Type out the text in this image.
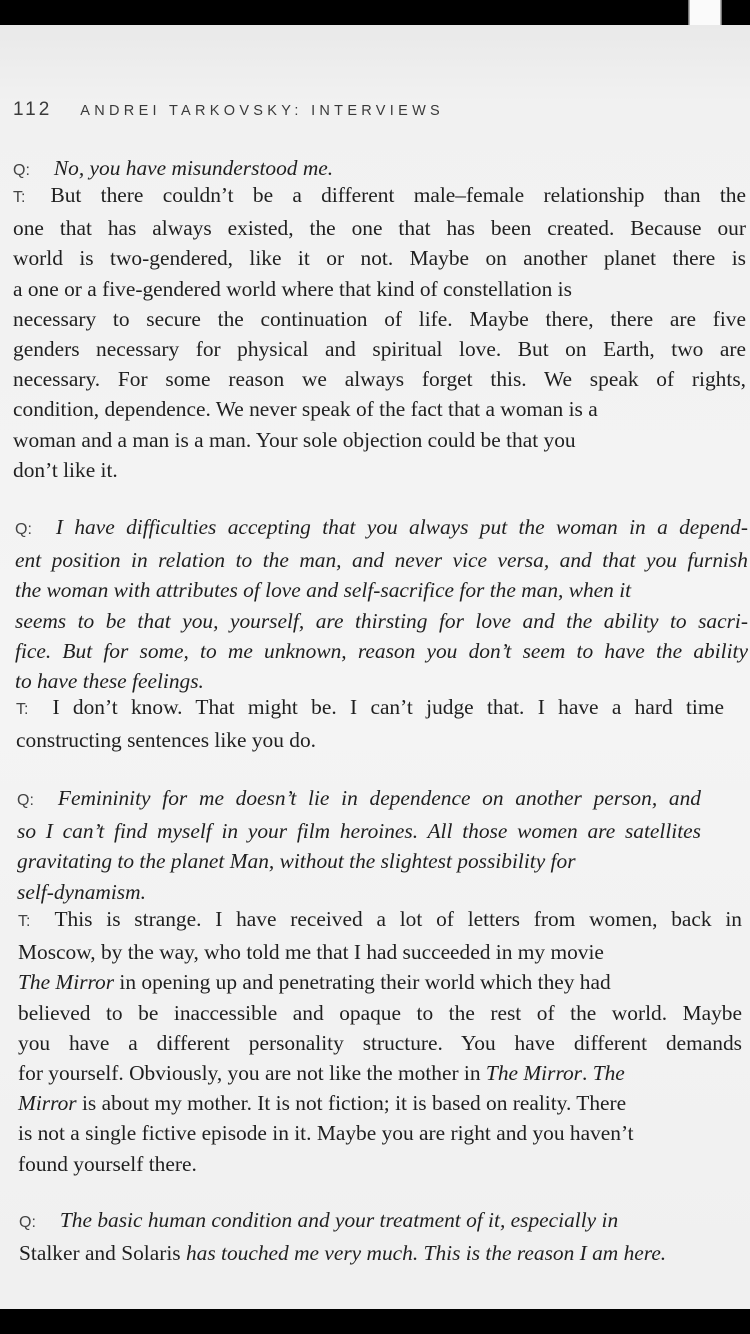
112 ANDREI TARKOVSKY: INTERVIEWS
Q: No, you have misunderstood me.
T: But there couldn’t be a different male–female relationship than the
one that has always existed, the one that has been created. Because our
world is two-gendered, like it or not. Maybe on another planet there is
a one or a five-gendered world where that kind of constellation is
necessary to secure the continuation of life. Maybe there, there are five
genders necessary for physical and spiritual love. But on Earth, two are
necessary. For some reason we always forget this. We speak of rights,
condition, dependence. We never speak of the fact that a woman is a
woman and a man is a man. Your sole objection could be that you
don’t like it.
Q: I have difficulties accepting that you always put the woman in a depend-
ent position in relation to the man, and never vice versa, and that you furnish
the woman with attributes of love and self-sacrifice for the man, when it
seems to be that you, yourself, are thirsting for love and the ability to sacri-
fice. But for some, to me unknown, reason you don’t seem to have the ability
to have these feelings.
T: I don’t know. That might be. I can’t judge that. I have a hard time
constructing sentences like you do.
Q: Femininity for me doesn’t lie in dependence on another person, and
so I can’t find myself in your film heroines. All those women are satellites
gravitating to the planet Man, without the slightest possibility for
self-dynamism.
T: This is strange. I have received a lot of letters from women, back in
Moscow, by the way, who told me that I had succeeded in my movie
The Mirror in opening up and penetrating their world which they had
believed to be inaccessible and opaque to the rest of the world. Maybe
you have a different personality structure. You have different demands
for yourself. Obviously, you are not like the mother in The Mirror. The
Mirror is about my mother. It is not fiction; it is based on reality. There
is not a single fictive episode in it. Maybe you are right and you haven’t
found yourself there.
Q: The basic human condition and your treatment of it, especially in
Stalker and Solaris has touched me very much. This is the reason I am here.
